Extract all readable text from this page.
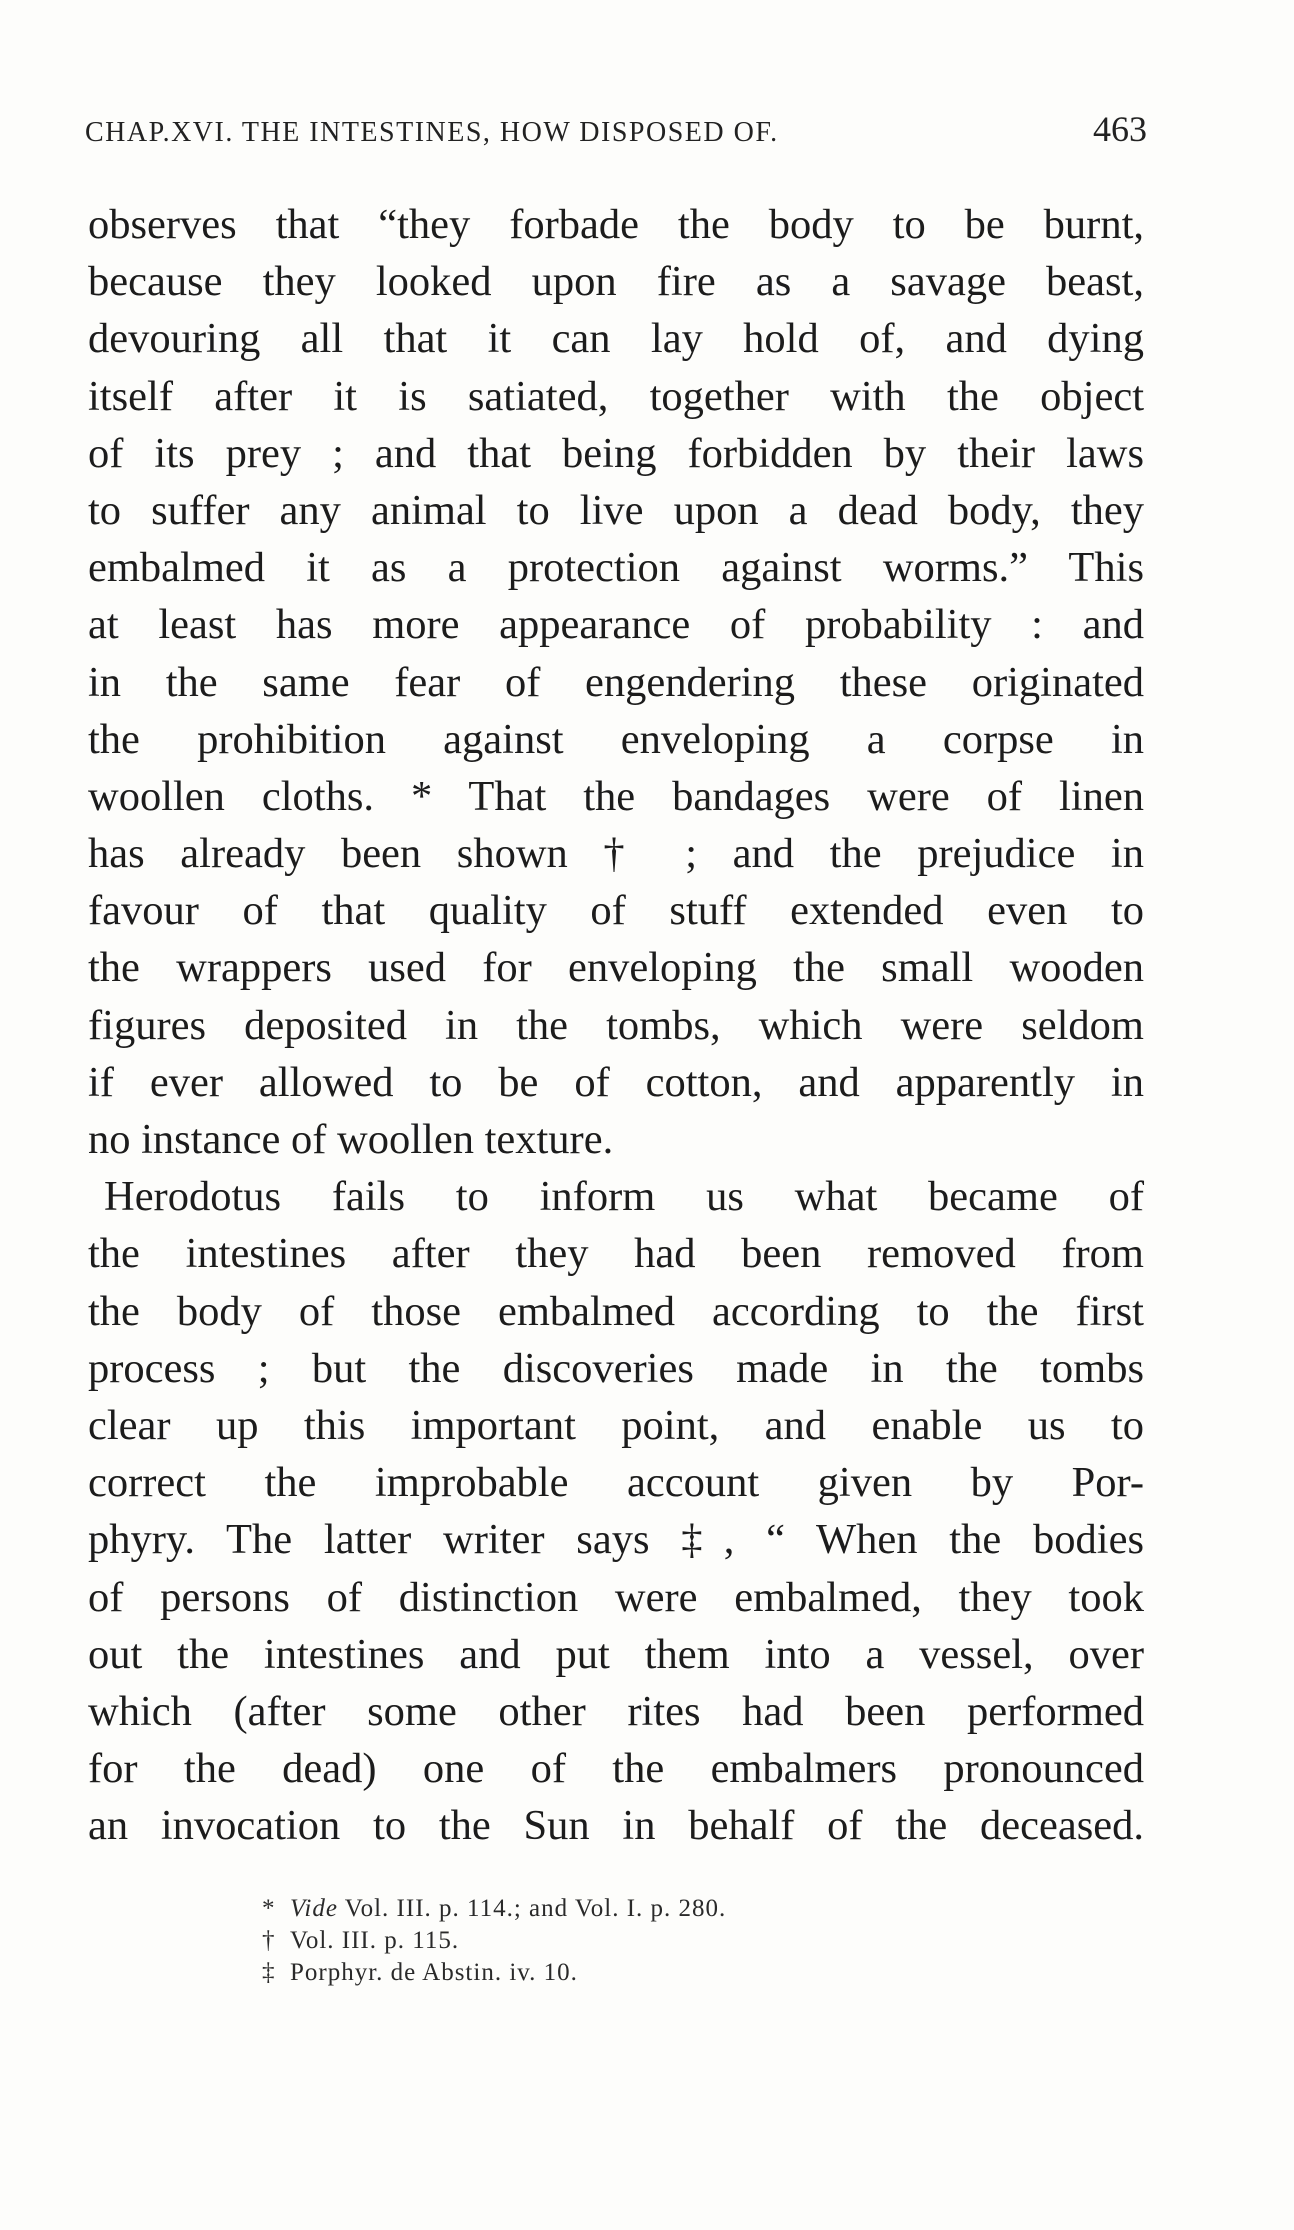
CHAP.XVI. THE INTESTINES, HOW DISPOSED OF.	463
observes that “they forbade the body to be burnt,
because they looked upon fire as a savage beast,
devouring all that it can lay hold of, and dying
itself after it is satiated, together with the object
of its prey ; and that being forbidden by their laws
to suffer any animal to live upon a dead body, they
embalmed it as a protection against worms.” This
at least has more appearance of probability : and
in the same fear of engendering these originated
the prohibition against enveloping a corpse in
woollen cloths. * That the bandages were of linen
has already been shown † ; and the prejudice in
favour of that quality of stuff extended even to
the wrappers used for enveloping the small wooden
figures deposited in the tombs, which were seldom
if ever allowed to be of cotton, and apparently in
no instance of woollen texture.
Herodotus fails to inform us what became of
the intestines after they had been removed from
the body of those embalmed according to the first
process ; but the discoveries made in the tombs
clear up this important point, and enable us to
correct the improbable account given by Por-
phyry. The latter writer says ‡, “ When the bodies
of persons of distinction were embalmed, they took
out the intestines and put them into a vessel, over
which (after some other rites had been performed
for the dead) one of the embalmers pronounced
an invocation to the Sun in behalf of the deceased.
* Vide Vol. III. p. 114.; and Vol. I. p. 280.
† Vol. III. p. 115.
‡ Porphyr. de Abstin. iv. 10.
